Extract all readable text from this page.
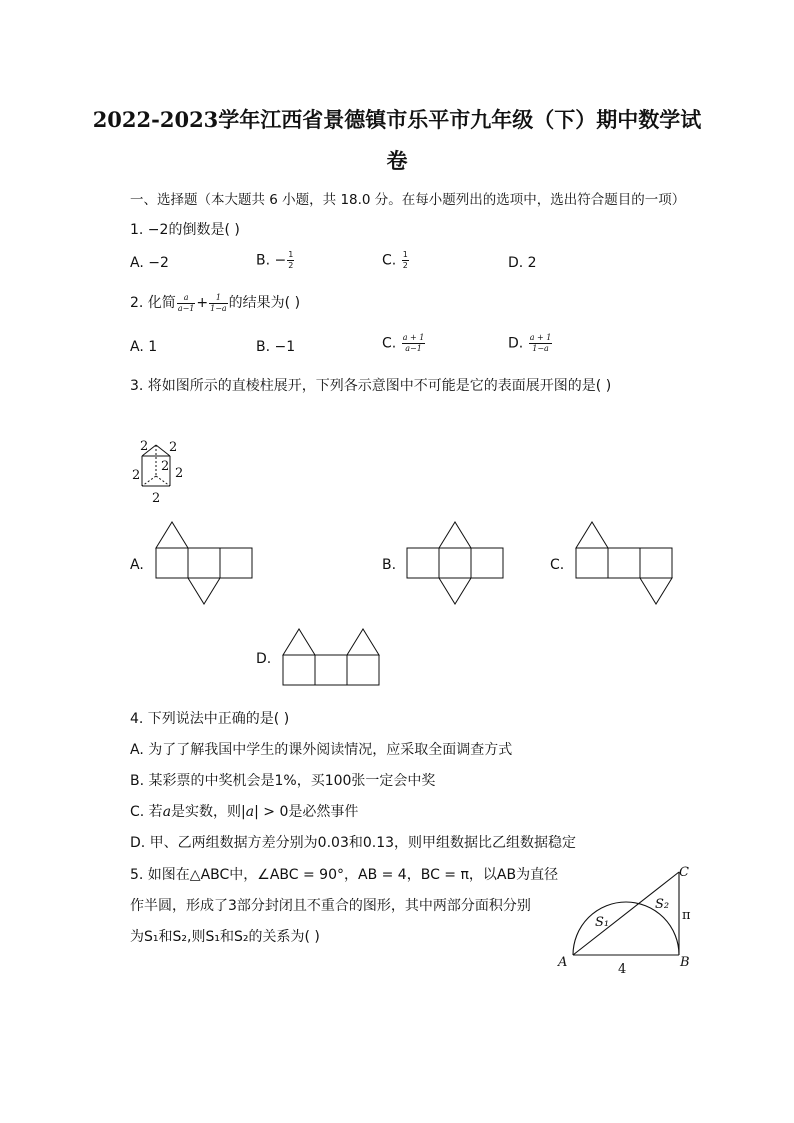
2022-2023学年江西省景德镇市乐平市九年级（下）期中数学试
卷
一、选择题（本大题共 6 小题，共 18.0 分。在每小题列出的选项中，选出符合题目的一项）
1. −2的倒数是( )
A. −2	B. − $\frac{1}{2}$	C. $\frac{1}{2}$	D. 2
2. 化简 $\frac{a}{a-1} + \frac{1}{1-a}$ 的结果为( )
A. 1	B. −1	C. $\frac{a + 1}{a-1}$	D. $\frac{a + 1}{1-a}$
3. 将如图所示的直棱柱展开，下列各示意图中不可能是它的表面展开图的是( )
2 2
2
2	2
2
A.	B.	C.
D.
4. 下列说法中正确的是( )
A. 为了了解我国中学生的课外阅读情况，应采取全面调查方式
B. 某彩票的中奖机会是1%，买100张一定会中奖
C. 若a是实数，则|a| > 0是必然事件
D. 甲、乙两组数据方差分别为0.03和0.13，则甲组数据比乙组数据稳定
5. 如图在△ABC中，∠ABC = 90°，AB = 4，BC = π，以AB为直径
作半圆，形成了3部分封闭且不重合的图形，其中两部分面积分别
为S₁和S₂,则S₁和S₂的关系为( )
A	B
C
4
π
S₁
S₂
